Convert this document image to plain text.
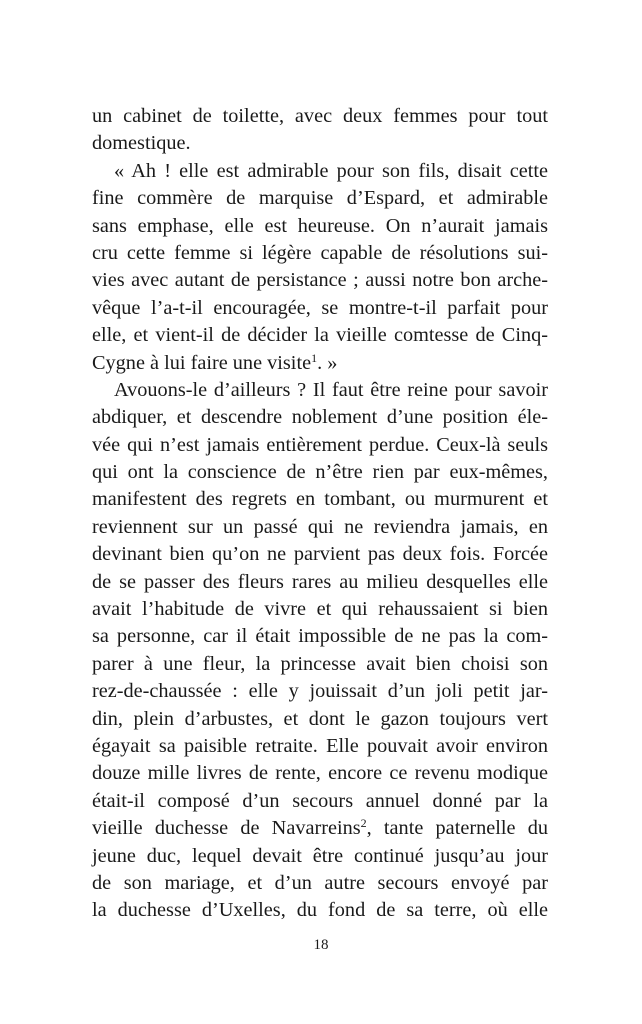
un cabinet de toilette, avec deux femmes pour tout
domestique.
« Ah ! elle est admirable pour son fils, disait cette
fine commère de marquise d’Espard, et admirable
sans emphase, elle est heureuse. On n’aurait jamais
cru cette femme si légère capable de résolutions sui-
vies avec autant de persistance ; aussi notre bon arche-
vêque l’a-t-il encouragée, se montre-t-il parfait pour
elle, et vient-il de décider la vieille comtesse de Cinq-
Cygne à lui faire une visite$^1$. »
Avouons-le d’ailleurs ? Il faut être reine pour savoir
abdiquer, et descendre noblement d’une position éle-
vée qui n’est jamais entièrement perdue. Ceux-là seuls
qui ont la conscience de n’être rien par eux-mêmes,
manifestent des regrets en tombant, ou murmurent et
reviennent sur un passé qui ne reviendra jamais, en
devinant bien qu’on ne parvient pas deux fois. Forcée
de se passer des fleurs rares au milieu desquelles elle
avait l’habitude de vivre et qui rehaussaient si bien
sa personne, car il était impossible de ne pas la com-
parer à une fleur, la princesse avait bien choisi son
rez-de-chaussée : elle y jouissait d’un joli petit jar-
din, plein d’arbustes, et dont le gazon toujours vert
égayait sa paisible retraite. Elle pouvait avoir environ
douze mille livres de rente, encore ce revenu modique
était-il composé d’un secours annuel donné par la
vieille duchesse de Navarreins$^2$, tante paternelle du
jeune duc, lequel devait être continué jusqu’au jour
de son mariage, et d’un autre secours envoyé par
la duchesse d’Uxelles, du fond de sa terre, où elle
18
